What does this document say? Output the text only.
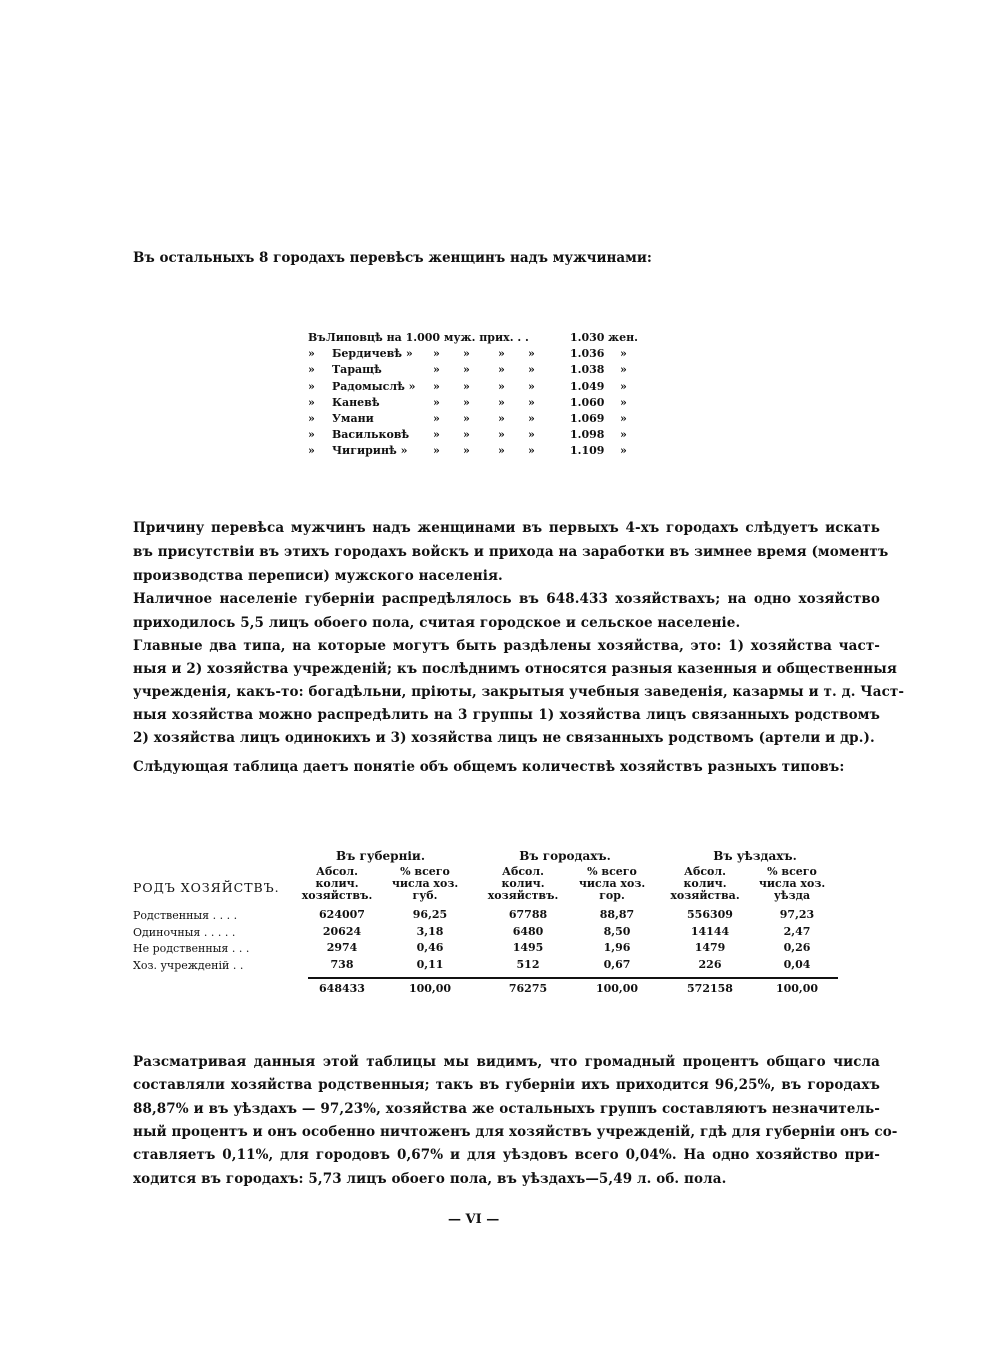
Въ остальныхъ 8 городахъ перевѣсъ женщинъ надъ мужчинами:
Въ Липовцѣ на 1.000 муж. прих. . .	1.030 жен.
» Бердичевѣ » » »	» »	1.036 »
» Таращѣ	» »	» »	1.038 »
» Радомыслѣ » » »	» »	1.049 »
» Каневѣ	» »	» »	1.060 »
» Умани	» »	» »	1.069 »
» Васильковѣ » »	» »	1.098 »
» Чигиринѣ » » »	» »	1.109 »
Причину перевѣса мужчинъ надъ женщинами въ первыхъ 4-хъ городахъ слѣдуетъ искать
въ присутствіи въ этихъ городахъ войскъ и прихода на заработки въ зимнее время (моментъ
производства переписи) мужского населенія.
Наличное населеніе губерніи распредѣлялось въ 648.433 хозяйствахъ; на одно хозяйство
приходилось 5,5 лицъ обоего пола, считая городское и сельское населеніе.
Главные два типа, на которые могутъ быть раздѣлены хозяйства, это: 1) хозяйства част-
ныя и 2) хозяйства учрежденій; къ послѣднимъ относятся разныя казенныя и общественныя
учрежденія, какъ-то: богадѣльни, пріюты, закрытыя учебныя заведенія, казармы и т. д. Част-
ныя хозяйства можно распредѣлить на 3 группы 1) хозяйства лицъ связанныхъ родствомъ
2) хозяйства лицъ одинокихъ и 3) хозяйства лицъ не связанныхъ родствомъ (артели и др.).
Слѣдующая таблица даетъ понятіе объ общемъ количествѣ хозяйствъ разныхъ типовъ:
Разсматривая данныя этой таблицы мы видимъ, что громадный процентъ общаго числа
составляли хозяйства родственныя; такъ въ губерніи ихъ приходится 96,25%, въ городахъ
88,87% и въ уѣздахъ — 97,23%, хозяйства же остальныхъ группъ составляютъ незначитель-
ный процентъ и онъ особенно ничтоженъ для хозяйствъ учрежденій, гдѣ для губерніи онъ со-
ставляетъ 0,11%, для городовъ 0,67% и для уѣздовъ всего 0,04%. На одно хозяйство при-
ходится въ городахъ: 5,73 лицъ обоего пола, въ уѣздахъ—5,49 л. об. пола.
РОДЪ ХОЗЯЙСТВЪ.
Въ губерніи.	Въ городахъ.	Въ уѣздахъ.
Абсол. колич. хозяйствъ.
% всего числа хоз. губ.
Абсол. колич. хозяйствъ.
% всего числа хоз. гор.
Абсол. колич. хозяйства.
% всего числа хоз. уѣзда
Родственныя . . . .	624007	96,25	67788	88,87	556309	97,23
Одиночныя . . . . .	20624	3,18	6480	8,50	14144	2,47
Не родственныя . . .	2974	0,46	1495	1,96	1479	0,26
Хоз. учрежденій . .	738	0,11	512	0,67	226	0,04
648433	100,00	76275	100,00	572158	100,00
— VI —
